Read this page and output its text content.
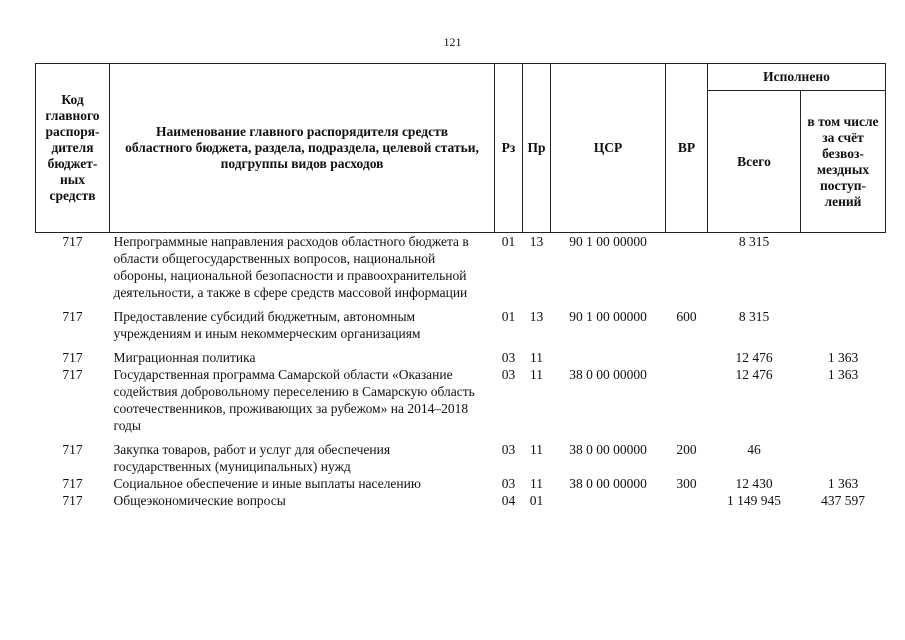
121
Код главного распоря-дителя бюджет-ных средств	Наименование главного распорядителя средств областного бюджета, раздела, подраздела, целевой статьи, подгруппы видов расходов	Рз	Пр	ЦСР	ВР	Исполнено	
						Всего	в том числе за счёт безвоз-мездных поступ-лений
717	Непрограммные направления расходов областного бюджета в области общегосударственных вопросов, национальной обороны, национальной безопасности и правоохранительной деятельности, а также в сфере средств массовой информации	01	13	90 1 00 00000		8 315	

717	Предоставление субсидий бюджетным, автономным учреждениям и иным некоммерческим организациям	01	13	90 1 00 00000	600	8 315	

717	Миграционная политика	03	11			12 476	1 363
717	Государственная программа Самарской области «Оказание содействия добровольному переселению в Самарскую область соотечественников, проживающих за рубежом» на 2014–2018 годы	03	11	38 0 00 00000		12 476	1 363

717	Закупка товаров, работ и услуг для обеспечения государственных (муниципальных) нужд	03	11	38 0 00 00000	200	46	
717	Социальное обеспечение и иные выплаты населению	03	11	38 0 00 00000	300	12 430	1 363
717	Общеэкономические вопросы	04	01			1 149 945	437 597
